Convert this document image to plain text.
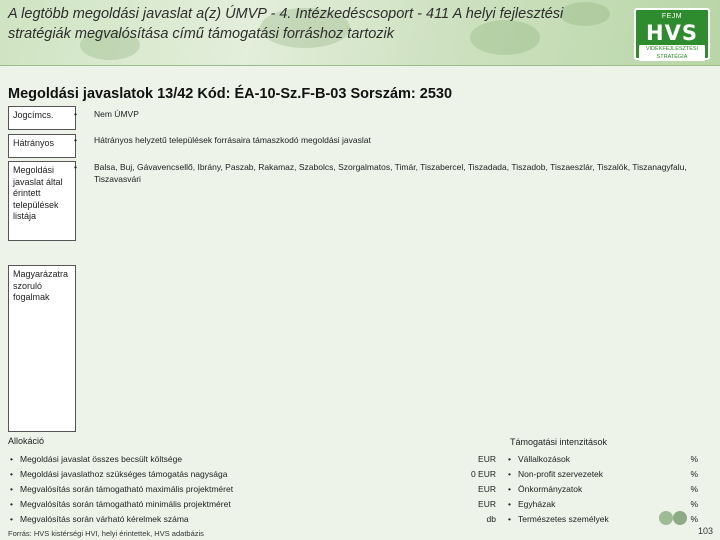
A legtöbb megoldási javaslat a(z) ÚMVP - 4. Intézkedéscsoport - 411 A helyi fejlesztési stratégiák megvalósítása című támogatási forráshoz tartozik
FEJM
HVS
VIDÉKFEJLESZTÉSI STRATÉGIA
Megoldási javaslatok 13/42 Kód: ÉA-10-Sz.F-B-03 Sorszám: 2530
Jogcímcs.	• Nem ÚMVP
Hátrányos	• Hátrányos helyzetű települések forrásaira támaszkodó megoldási javaslat
Megoldási javaslat által érintett települések listája
• Balsa, Buj, Gávavencsellő, Ibrány, Paszab, Rakamaz, Szabolcs, Szorgalmatos, Timár, Tiszabercel, Tiszadada, Tiszadob, Tiszaeszlár, Tiszalök, Tiszanagyfalu, Tiszavasvári
Magyarázatra szoruló fogalmak
Allokáció	Támogatási intenzitások
• Megoldási javaslat összes becsült költsége	EUR
• Megoldási javaslathoz szükséges támogatás nagysága	0 EUR
• Megvalósítás során támogatható maximális projektméret	EUR
• Megvalósítás során támogatható minimális projektméret	EUR
• Megvalósítás során várható kérelmek száma	db
• Vállalkozások	%
• Non-profit szervezetek	%
• Önkormányzatok	%
• Egyházak	%
• Természetes személyek	%
Forrás: HVS kistérségi HVI, helyi érintettek, HVS adatbázis	103
